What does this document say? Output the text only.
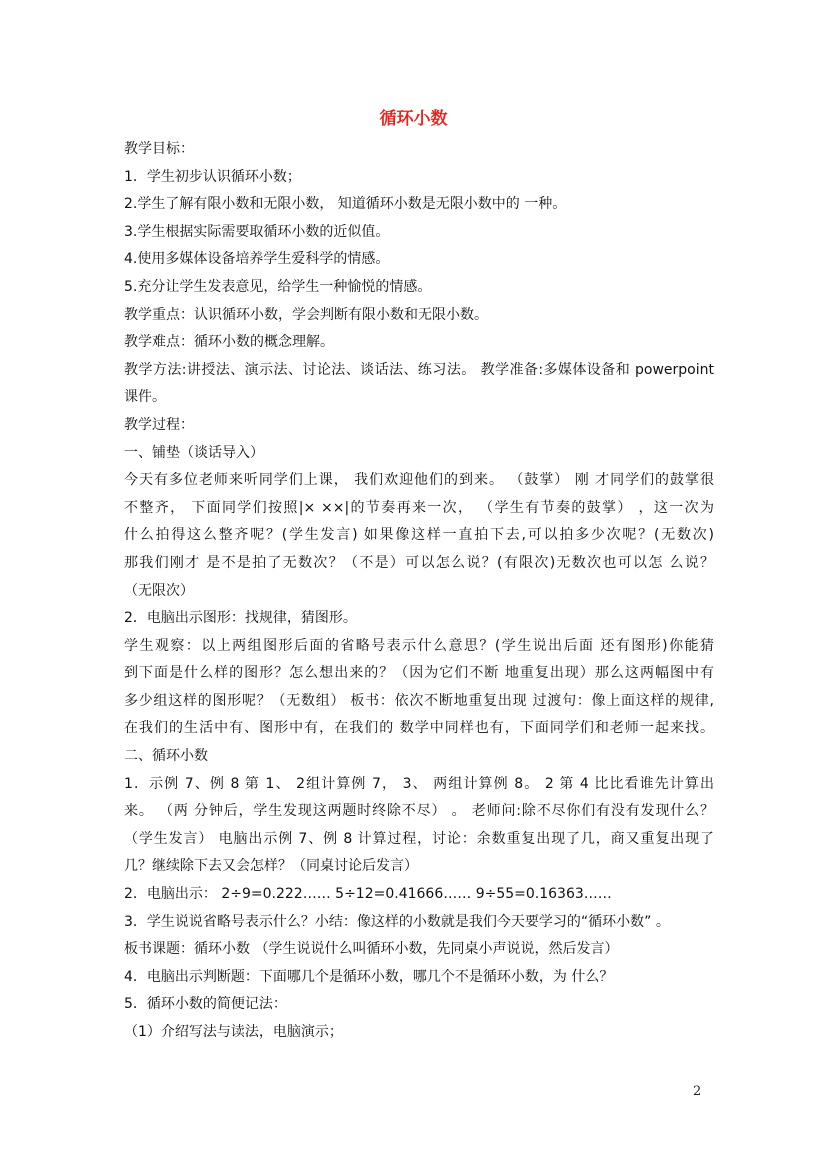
循环小数
教学目标：
1．学生初步认识循环小数；
2.学生了解有限小数和无限小数， 知道循环小数是无限小数中的 一种。
3.学生根据实际需要取循环小数的近似值。
4.使用多媒体设备培养学生爱科学的情感。
5.充分让学生发表意见，给学生一种愉悦的情感。
教学重点：认识循环小数，学会判断有限小数和无限小数。
教学难点：循环小数的概念理解。
教学方法:讲授法、演示法、讨论法、谈话法、练习法。 教学准备:多媒体设备和 powerpoint
课件。
教学过程：
一、铺垫（谈话导入）
今天有多位老师来听同学们上课， 我们欢迎他们的到来。 （鼓掌） 刚 才同学们的鼓掌很
不整齐， 下面同学们按照|× ××|的节奏再来一次， （学生有节奏的鼓掌） ，这一次为
什么拍得这么整齐呢？(学生发言) 如果像这样一直拍下去,可以拍多少次呢？(无数次)
那我们刚才 是不是拍了无数次？（不是）可以怎么说？(有限次)无数次也可以怎 么说？
（无限次）
2．电脑出示图形：找规律，猜图形。
学生观察：以上两组图形后面的省略号表示什么意思？(学生说出后面 还有图形)你能猜
到下面是什么样的图形？怎么想出来的？（因为它们不断 地重复出现）那么这两幅图中有
多少组这样的图形呢？（无数组） 板书：依次不断地重复出现 过渡句：像上面这样的规律,
在我们的生活中有、图形中有，在我们的 数学中同样也有，下面同学们和老师一起来找。
二、循环小数
1．示例 7、例 8 第 1、 2组计算例 7， 3、 两组计算例 8。 2 第 4 比比看谁先计算出
来。 （两 分钟后，学生发现这两题时终除不尽） 。 老师问:除不尽你们有没有发现什么？
（学生发言） 电脑出示例 7、例 8 计算过程，讨论：余数重复出现了几，商又重复出现了
几？继续除下去又会怎样？（同桌讨论后发言）
2．电脑出示： 2÷9=0.222…… 5÷12=0.41666…… 9÷55=0.16363……
3．学生说说省略号表示什么？小结：像这样的小数就是我们今天要学习的“循环小数” 。
板书课题：循环小数 （学生说说什么叫循环小数，先同桌小声说说，然后发言）
4．电脑出示判断题：下面哪几个是循环小数，哪几个不是循环小数，为 什么？
5．循环小数的简便记法：
（1）介绍写法与读法，电脑演示；
2
